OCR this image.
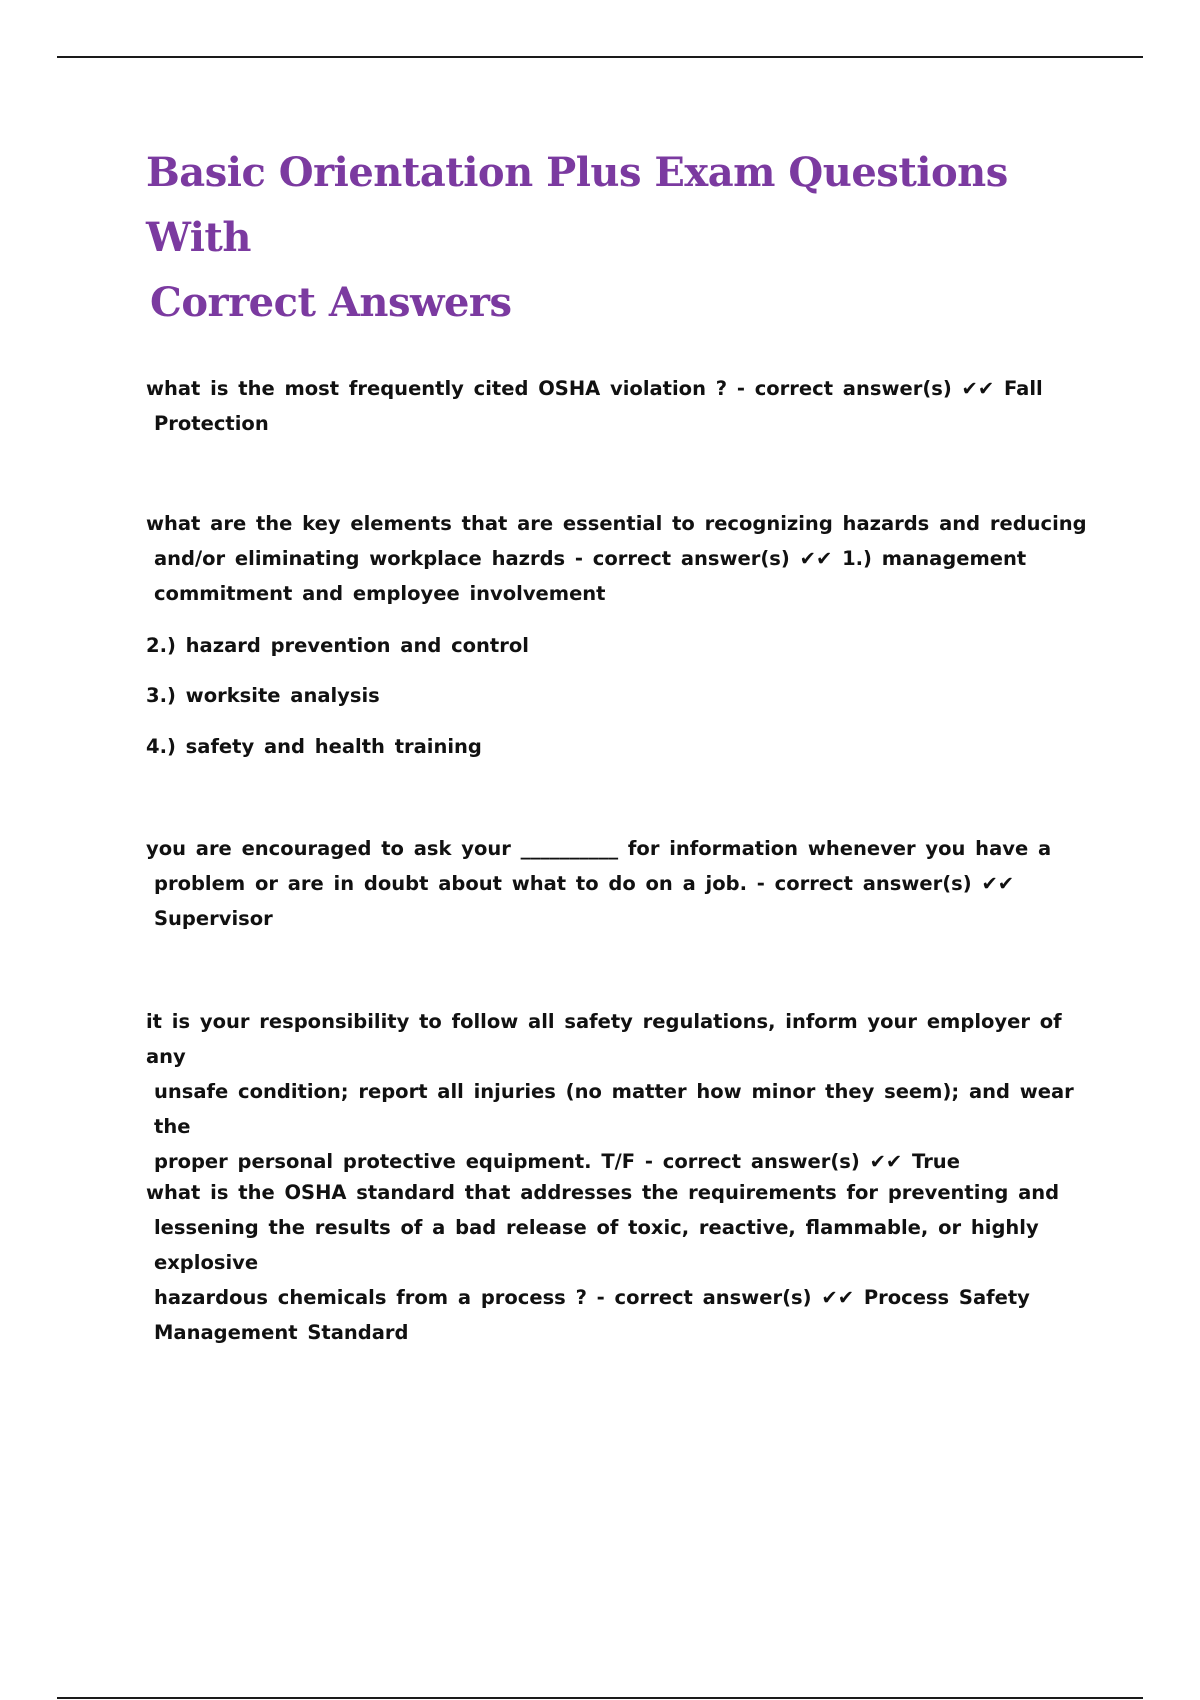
Basic Orientation Plus Exam Questions With
Correct Answers

what is the most frequently cited OSHA violation ? - correct answer(s) ✔✔ Fall
Protection

what are the key elements that are essential to recognizing hazards and reducing
and/or eliminating workplace hazrds - correct answer(s) ✔✔ 1.) management
commitment and employee involvement

2.) hazard prevention and control

3.) worksite analysis

4.) safety and health training

you are encouraged to ask your __________ for information whenever you have a
problem or are in doubt about what to do on a job. - correct answer(s) ✔✔
Supervisor

it is your responsibility to follow all safety regulations, inform your employer of any
unsafe condition; report all injuries (no matter how minor they seem); and wear the
proper personal protective equipment. T/F - correct answer(s) ✔✔ True

what is the OSHA standard that addresses the requirements for preventing and
lessening the results of a bad release of toxic, reactive, flammable, or highly explosive
hazardous chemicals from a process ? - correct answer(s) ✔✔ Process Safety
Management Standard
